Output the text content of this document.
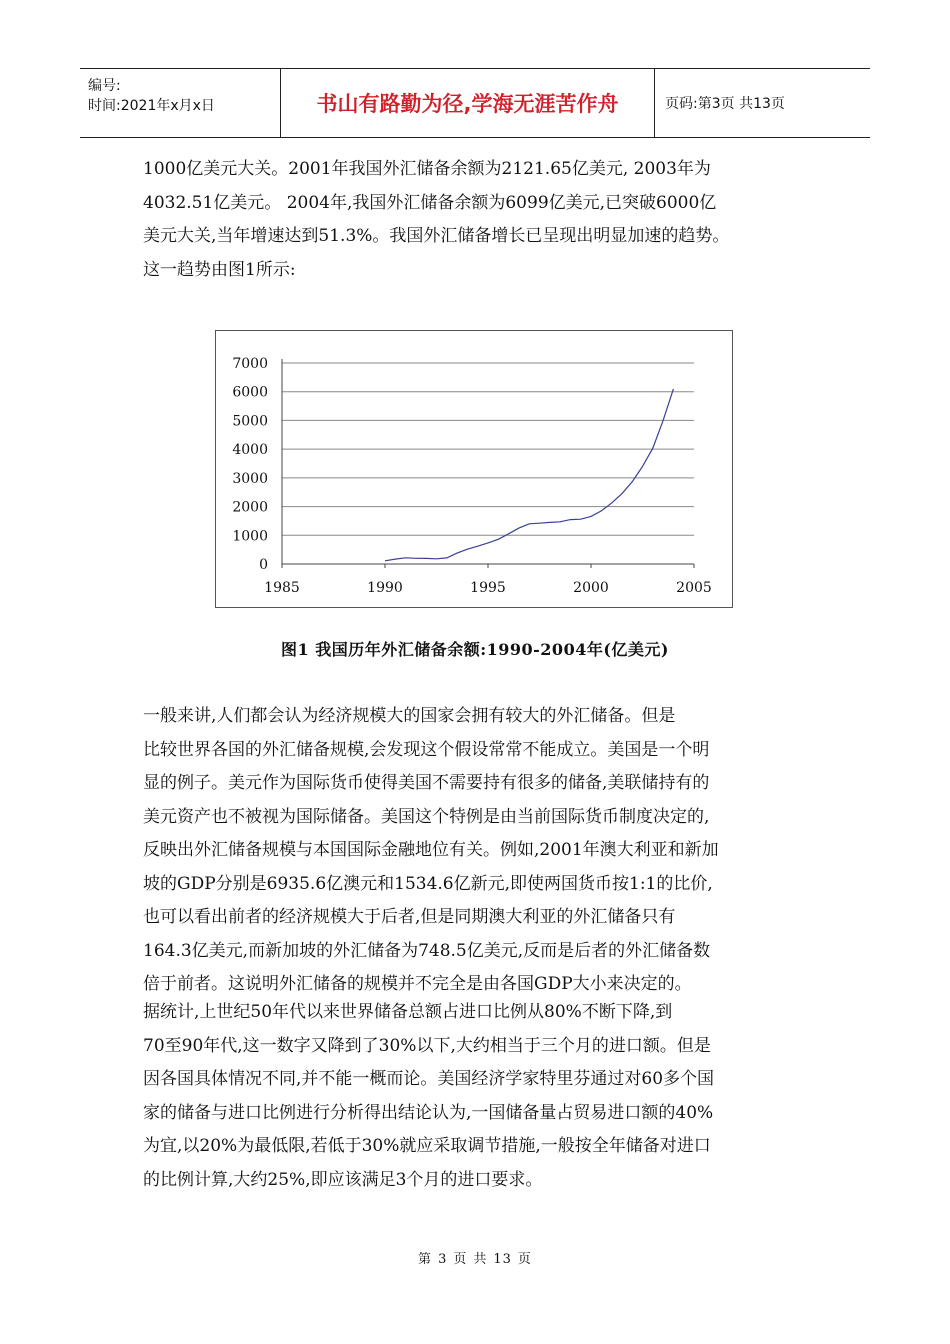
编号:
时间:2021年x月x日	书山有路勤为径,学海无涯苦作舟	页码:第3页 共13页

1000亿美元大关。2001年我国外汇储备余额为2121.65亿美元, 2003年为

4032.51亿美元。 2004年,我国外汇储备余额为6099亿美元,已突破6000亿

美元大关,当年增速达到51.3%。我国外汇储备增长已呈现出明显加速的趋势。

这一趋势由图1所示:

0
1000
2000
3000
4000
5000
6000
7000
1985	1990	1995	2000	2005
图1 我国历年外汇储备余额:1990-2004年(亿美元)

一般来讲,人们都会认为经济规模大的国家会拥有较大的外汇储备。但是

比较世界各国的外汇储备规模,会发现这个假设常常不能成立。美国是一个明

显的例子。美元作为国际货币使得美国不需要持有很多的储备,美联储持有的

美元资产也不被视为国际储备。美国这个特例是由当前国际货币制度决定的,

反映出外汇储备规模与本国国际金融地位有关。例如,2001年澳大利亚和新加

坡的GDP分别是6935.6亿澳元和1534.6亿新元,即使两国货币按1:1的比价,

也可以看出前者的经济规模大于后者,但是同期澳大利亚的外汇储备只有

164.3亿美元,而新加坡的外汇储备为748.5亿美元,反而是后者的外汇储备数

倍于前者。这说明外汇储备的规模并不完全是由各国GDP大小来决定的。

据统计,上世纪50年代以来世界储备总额占进口比例从80%不断下降,到

70至90年代,这一数字又降到了30%以下,大约相当于三个月的进口额。但是

因各国具体情况不同,并不能一概而论。美国经济学家特里芬通过对60多个国

家的储备与进口比例进行分析得出结论认为,一国储备量占贸易进口额的40%

为宜,以20%为最低限,若低于30%就应采取调节措施,一般按全年储备对进口

的比例计算,大约25%,即应该满足3个月的进口要求。

第 3 页 共 13 页
